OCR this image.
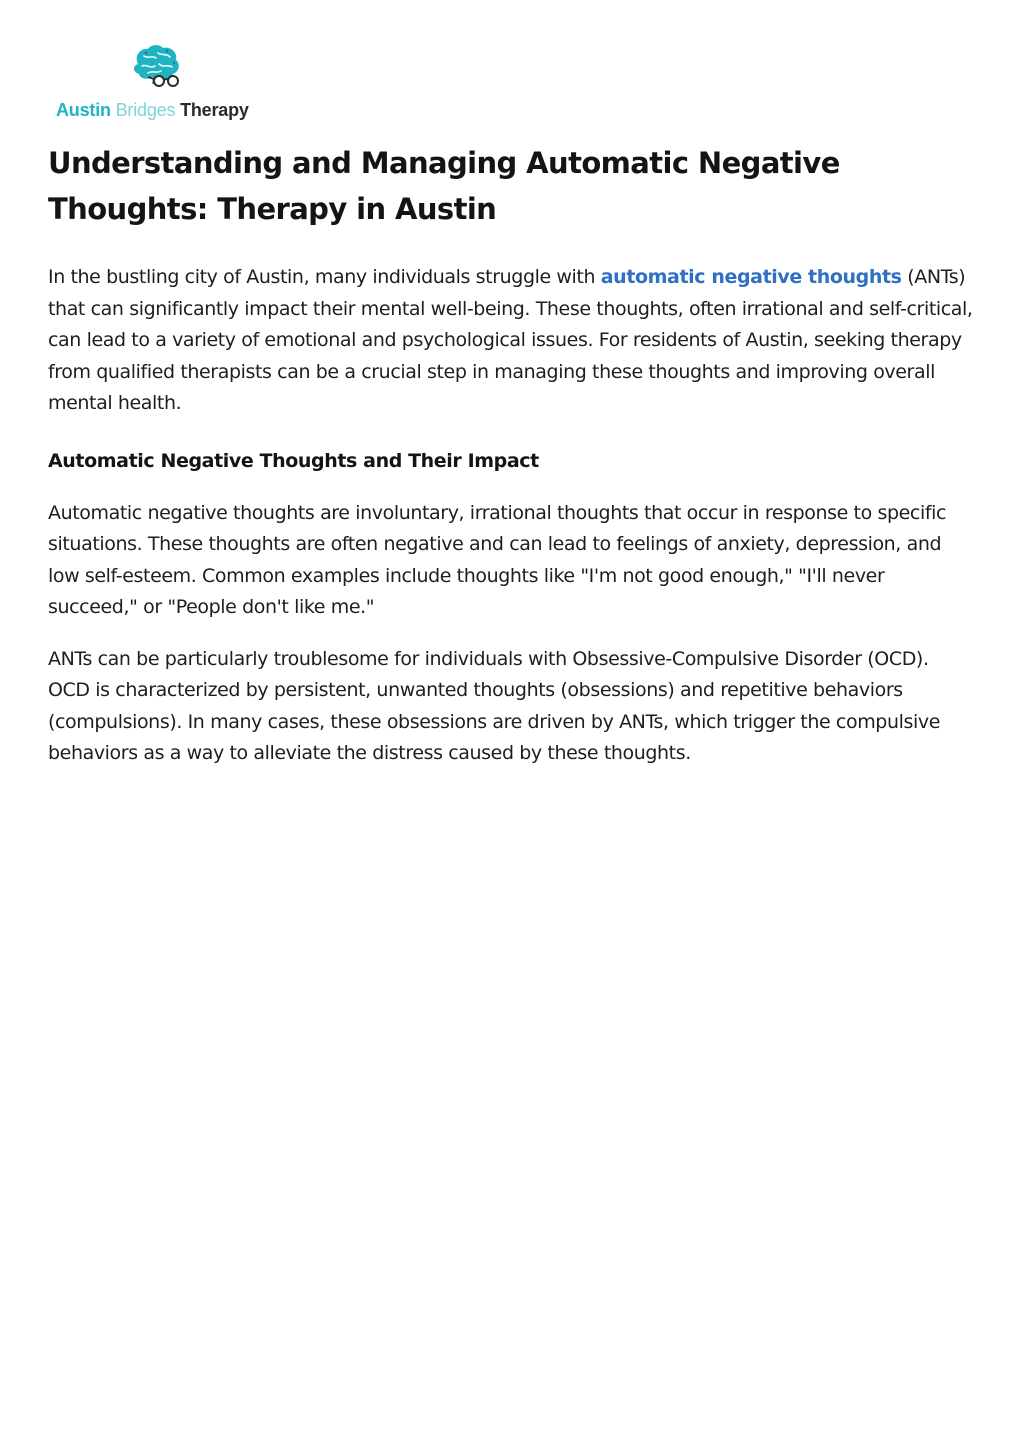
Austin Bridges Therapy
Understanding and Managing Automatic Negative Thoughts: Therapy in Austin

In the bustling city of Austin, many individuals struggle with automatic negative thoughts (ANTs) that can significantly impact their mental well-being. These thoughts, often irrational and self-critical, can lead to a variety of emotional and psychological issues. For residents of Austin, seeking therapy from qualified therapists can be a crucial step in managing these thoughts and improving overall mental health.

Automatic Negative Thoughts and Their Impact

Automatic negative thoughts are involuntary, irrational thoughts that occur in response to specific situations. These thoughts are often negative and can lead to feelings of anxiety, depression, and low self-esteem. Common examples include thoughts like "I'm not good enough," "I'll never succeed," or "People don't like me."

ANTs can be particularly troublesome for individuals with Obsessive-Compulsive Disorder (OCD). OCD is characterized by persistent, unwanted thoughts (obsessions) and repetitive behaviors (compulsions). In many cases, these obsessions are driven by ANTs, which trigger the compulsive behaviors as a way to alleviate the distress caused by these thoughts.
